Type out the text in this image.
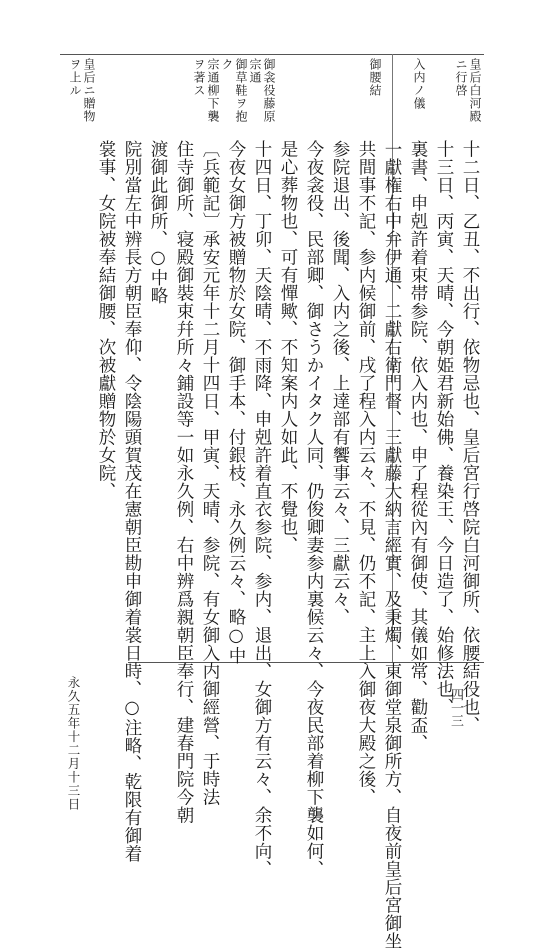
皇后白河殿
ニ行啓
入内ノ儀
御腰結
御衾役藤原
宗通
御草鞋ヲ抱
ク
宗通柳下襲
ヲ著ス
皇后ニ贈物
ヲ上ル
十二日、乙丑、不出行、依物忌也、皇后宮行啓院白河御所、依腰結役也、
十三日、丙寅、天晴、今朝姫君新始佛、養染王、今日造了、始修法也、
裏書、申剋許着束帯参院、依入内也、申了程從內有御使、其儀如常、勸盃、
一獻権右中弁伊通、二獻右衛門督、三獻藤大納言經實、及秉燭、東御堂泉御所方、自夜前皇后宮御坐
共間事不記、参内候御前、戌了程入内云々、不見、仍不記、主上入御夜大殿之後、
参院退出、後聞、入内之後、上達部有饗事云々、三獻云々、
今夜衾役、民部卿、御さうかイタク人同、仍俊卿妻参内裏候云々、今夜民部着柳下襲如何、
是心葬物也、可有憚歟、不知案内人如此、不覺也、
十四日、丁卯、天陰晴、不雨降、申剋許着直衣参院、参内、退出、女御方有云々、余不向、
今夜女御方被贈物於女院、御手本、付銀枝、永久例云々、略○中
〔兵範記〕承安元年十二月十四日、甲寅、天晴、参院、有女御入内御經營、于時法
住寺御所、寝殿御裝束幷所々鋪設等一如永久例、右中辨爲親朝臣奉行、建春門院今朝
渡御此御所、○中略
院別當左中辨長方朝臣奉仰、令陰陽頭賀茂在憲朝臣勘申御着裳日時、○注略、乾限有御着
裳事、女院被奉結御腰、次被獻贈物於女院、
永久五年十二月十三日	四一三
